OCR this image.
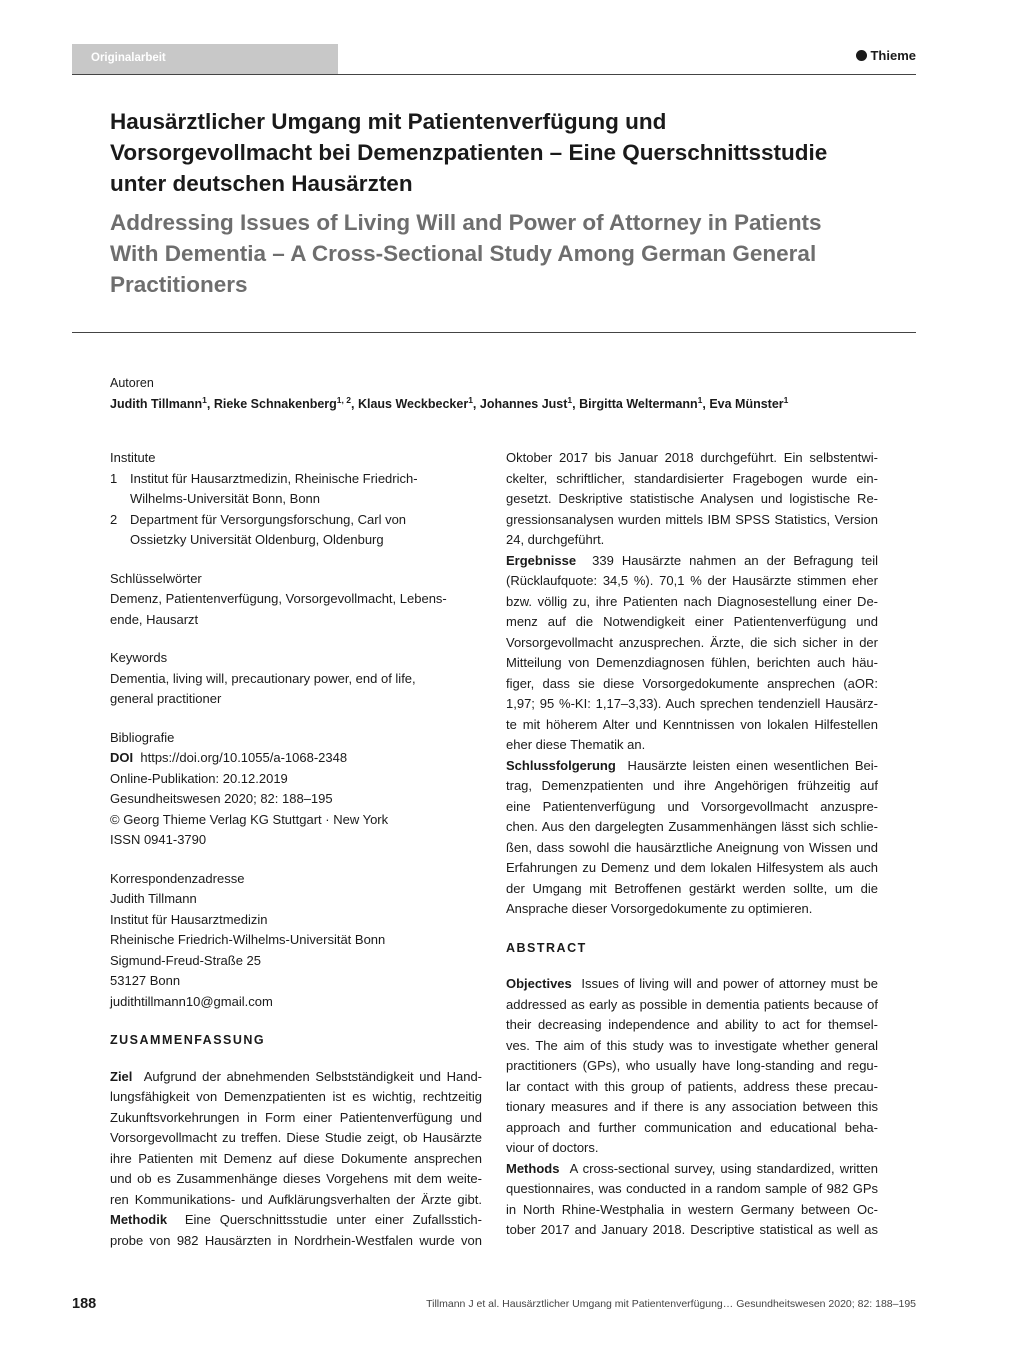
Originalarbeit	Thieme
Hausärztlicher Umgang mit Patientenverfügung und
Vorsorgevollmacht bei Demenzpatienten – Eine Querschnittsstudie
unter deutschen Hausärzten
Addressing Issues of Living Will and Power of Attorney in Patients
With Dementia – A Cross-Sectional Study Among German General
Practitioners
Autoren
Judith Tillmann$^1$, Rieke Schnakenberg$^{1, 2}$, Klaus Weckbecker$^1$, Johannes Just$^1$, Birgitta Weltermann$^1$, Eva Münster$^1$
Institute
1 Institut für Hausarztmedizin, Rheinische Friedrich-
Wilhelms-Universität Bonn, Bonn
2 Department für Versorgungsforschung, Carl von
Ossietzky Universität Oldenburg, Oldenburg
Schlüsselwörter
Demenz, Patientenverfügung, Vorsorgevollmacht, Lebens-
ende, Hausarzt
Keywords
Dementia, living will, precautionary power, end of life,
general practitioner
Bibliografie
DOI https://doi.org/10.1055/a-1068-2348
Online-Publikation: 20.12.2019
Gesundheitswesen 2020; 82: 188–195
© Georg Thieme Verlag KG Stuttgart · New York
ISSN 0941-3790
Korrespondenzadresse
Judith Tillmann
Institut für Hausarztmedizin
Rheinische Friedrich-Wilhelms-Universität Bonn
Sigmund-Freud-Straße 25
53127 Bonn
judithtillmann10@gmail.com
ZUSAMMENFASSUNG
Ziel  Aufgrund der abnehmenden Selbstständigkeit und Hand-
lungsfähigkeit von Demenzpatienten ist es wichtig, rechtzeitig
Zukunftsvorkehrungen in Form einer Patientenverfügung und
Vorsorgevollmacht zu treffen. Diese Studie zeigt, ob Hausärzte
ihre Patienten mit Demenz auf diese Dokumente ansprechen
und ob es Zusammenhänge dieses Vorgehens mit dem weite-
ren Kommunikations- und Aufklärungsverhalten der Ärzte gibt.
Methodik  Eine Querschnittsstudie unter einer Zufallsstich-
probe von 982 Hausärzten in Nordrhein-Westfalen wurde von
Oktober 2017 bis Januar 2018 durchgeführt. Ein selbstentwi-
ckelter, schriftlicher, standardisierter Fragebogen wurde ein-
gesetzt. Deskriptive statistische Analysen und logistische Re-
gressionsanalysen wurden mittels IBM SPSS Statistics, Version
24, durchgeführt.
Ergebnisse  339 Hausärzte nahmen an der Befragung teil
(Rücklaufquote: 34,5 %). 70,1 % der Hausärzte stimmen eher
bzw. völlig zu, ihre Patienten nach Diagnosestellung einer De-
menz auf die Notwendigkeit einer Patientenverfügung und
Vorsorgevollmacht anzusprechen. Ärzte, die sich sicher in der
Mitteilung von Demenzdiagnosen fühlen, berichten auch häu-
figer, dass sie diese Vorsorgedokumente ansprechen (aOR:
1,97; 95 %-KI: 1,17–3,33). Auch sprechen tendenziell Hausärz-
te mit höherem Alter und Kenntnissen von lokalen Hilfestellen
eher diese Thematik an.
Schlussfolgerung  Hausärzte leisten einen wesentlichen Bei-
trag, Demenzpatienten und ihre Angehörigen frühzeitig auf
eine Patientenverfügung und Vorsorgevollmacht anzuspre-
chen. Aus den dargelegten Zusammenhängen lässt sich schlie-
ßen, dass sowohl die hausärztliche Aneignung von Wissen und
Erfahrungen zu Demenz und dem lokalen Hilfesystem als auch
der Umgang mit Betroffenen gestärkt werden sollte, um die
Ansprache dieser Vorsorgedokumente zu optimieren.
ABSTRACT
Objectives  Issues of living will and power of attorney must be
addressed as early as possible in dementia patients because of
their decreasing independence and ability to act for themsel-
ves. The aim of this study was to investigate whether general
practitioners (GPs), who usually have long-standing and regu-
lar contact with this group of patients, address these precau-
tionary measures and if there is any association between this
approach and further communication and educational beha-
viour of doctors.
Methods  A cross-sectional survey, using standardized, written
questionnaires, was conducted in a random sample of 982 GPs
in North Rhine-Westphalia in western Germany between Oc-
tober 2017 and January 2018. Descriptive statistical as well as
188	Tillmann J et al. Hausärztlicher Umgang mit Patientenverfügung… Gesundheitswesen 2020; 82: 188–195
